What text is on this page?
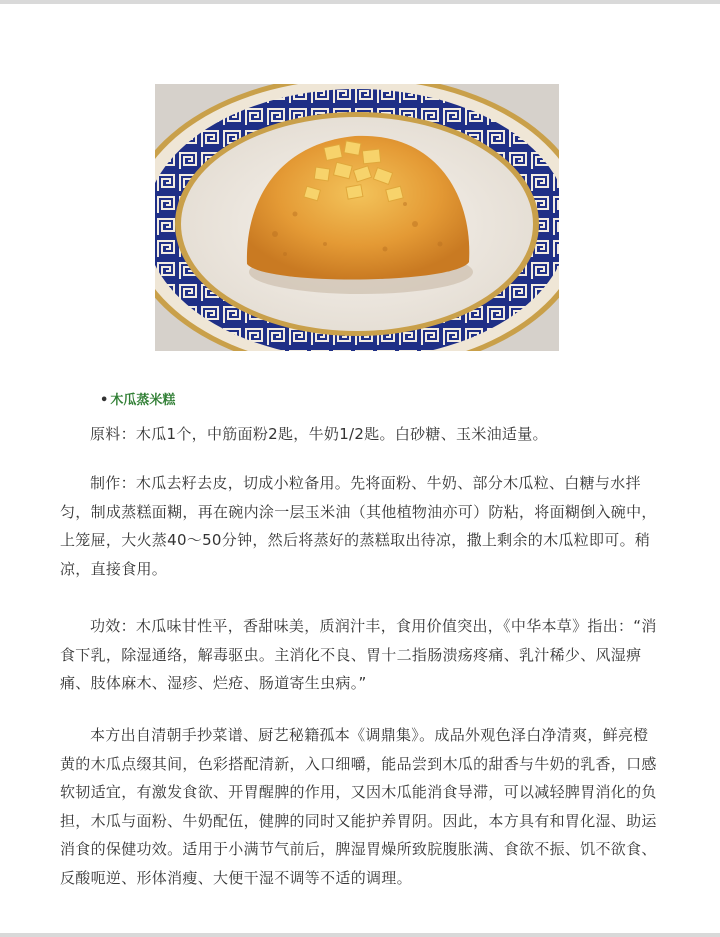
• 木瓜蒸米糕

原料：木瓜1个，中筋面粉2匙，牛奶1/2匙。白砂糖、玉米油适量。

制作：木瓜去籽去皮，切成小粒备用。先将面粉、牛奶、部分木瓜粒、白糖与水拌匀，制成蒸糕面糊，再在碗内涂一层玉米油（其他植物油亦可）防粘，将面糊倒入碗中，上笼屉，大火蒸40～50分钟，然后将蒸好的蒸糕取出待凉，撒上剩余的木瓜粒即可。稍凉，直接食用。

功效：木瓜味甘性平，香甜味美，质润汁丰，食用价值突出，《中华本草》指出：“消食下乳，除湿通络，解毒驱虫。主消化不良、胃十二指肠溃疡疼痛、乳汁稀少、风湿痹痛、肢体麻木、湿疹、烂疮、肠道寄生虫病。”

本方出自清朝手抄菜谱、厨艺秘籍孤本《调鼎集》。成品外观色泽白净清爽，鲜亮橙黄的木瓜点缀其间，色彩搭配清新，入口细嚼，能品尝到木瓜的甜香与牛奶的乳香，口感软韧适宜，有激发食欲、开胃醒脾的作用，又因木瓜能消食导滞，可以减轻脾胃消化的负担，木瓜与面粉、牛奶配伍，健脾的同时又能护养胃阴。因此，本方具有和胃化湿、助运消食的保健功效。适用于小满节气前后，脾湿胃燥所致脘腹胀满、食欲不振、饥不欲食、反酸呃逆、形体消瘦、大便干湿不调等不适的调理。
